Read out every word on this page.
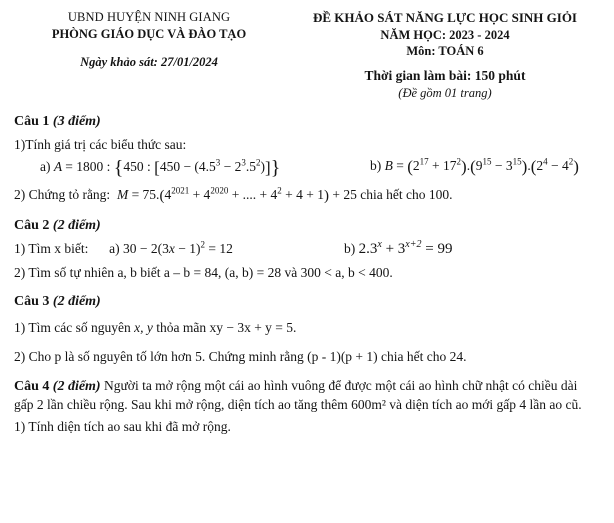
UBND HUYỆN NINH GIANG
PHÒNG GIÁO DỤC VÀ ĐÀO TẠO
Ngày khảo sát: 27/01/2024
ĐỀ KHẢO SÁT NĂNG LỰC HỌC SINH GIỎI
NĂM HỌC: 2023 - 2024
Môn: TOÁN 6
Thời gian làm bài: 150 phút
(Đề gồm 01 trang)
Câu 1 (3 điểm)
1)Tính giá trị các biểu thức sau:
a) A = 1800 : {450 : $[450 - (4.5^3 - 2^3.5^2)]$}	b) $B = (2^{17} + 17^2).(9^{15} - 3^{15}).(2^4 - 4^2)$
2) Chứng tỏ rằng:  $M = 75.(4^{2021} + 4^{2020}$ + .... + $4^2 + 4 + 1) + 25$ chia hết cho 100.
Câu 2 (2 điểm)
1) Tìm x biết: a) $30 - 2(3x - 1)^2 = 12$	b) $2.3^x + 3^{x+2} = 99$
2) Tìm số tự nhiên a, b biết a – b = 84, (a, b) = 28 và 300 < a, b < 400.
Câu 3 (2 điểm)
1) Tìm các số nguyên x, y thỏa mãn xy − 3x + y = 5.
2) Cho p là số nguyên tố lớn hơn 5. Chứng minh rằng (p - 1)(p + 1) chia hết cho 24.
Câu 4 (2 điểm) Người ta mở rộng một cái ao hình vuông để được một cái ao hình chữ nhật có chiều dài gấp 2 lần chiều rộng. Sau khi mở rộng, diện tích ao tăng thêm 600m² và diện tích ao mới gấp 4 lần ao cũ.
1) Tính diện tích ao sau khi đã mở rộng.
